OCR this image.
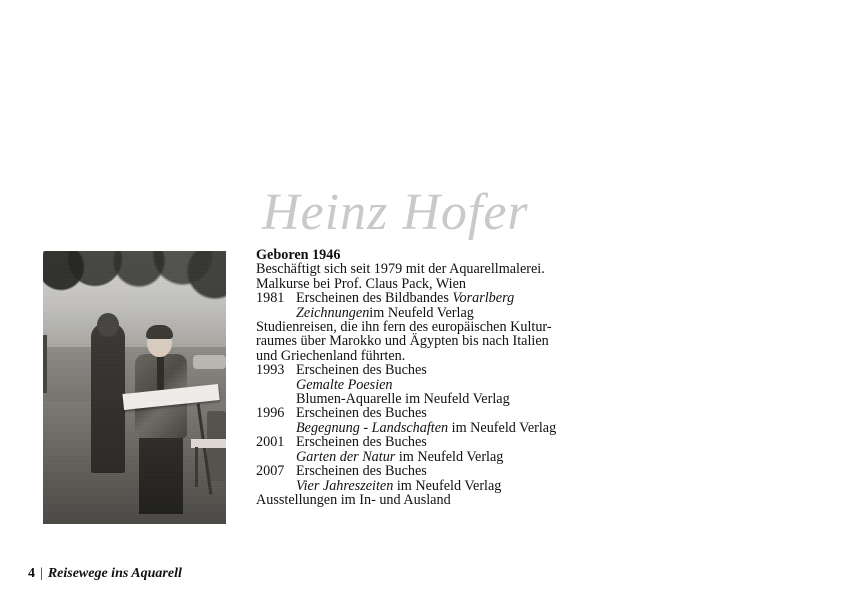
Heinz Hofer

Geboren 1946

Beschäftigt sich seit 1979 mit der Aquarellmalerei.

Malkurse bei Prof. Claus Pack, Wien

1981 Erscheinen des Bildbandes Vorarlberg
Zeichnungen im Neufeld Verlag

Studienreisen, die ihn fern des europäischen Kultur-

raumes über Marokko und Ägypten bis nach Italien

und Griechenland führten.

1993 Erscheinen des Buches
Gemalte Poesien
Blumen-Aquarelle im Neufeld Verlag
1996 Erscheinen des Buches
Begegnung - Landschaften im Neufeld Verlag
2001 Erscheinen des Buches
Garten der Natur im Neufeld Verlag
2007 Erscheinen des Buches
Vier Jahreszeiten im Neufeld Verlag

Ausstellungen im In- und Ausland

4 | Reisewege ins Aquarell
